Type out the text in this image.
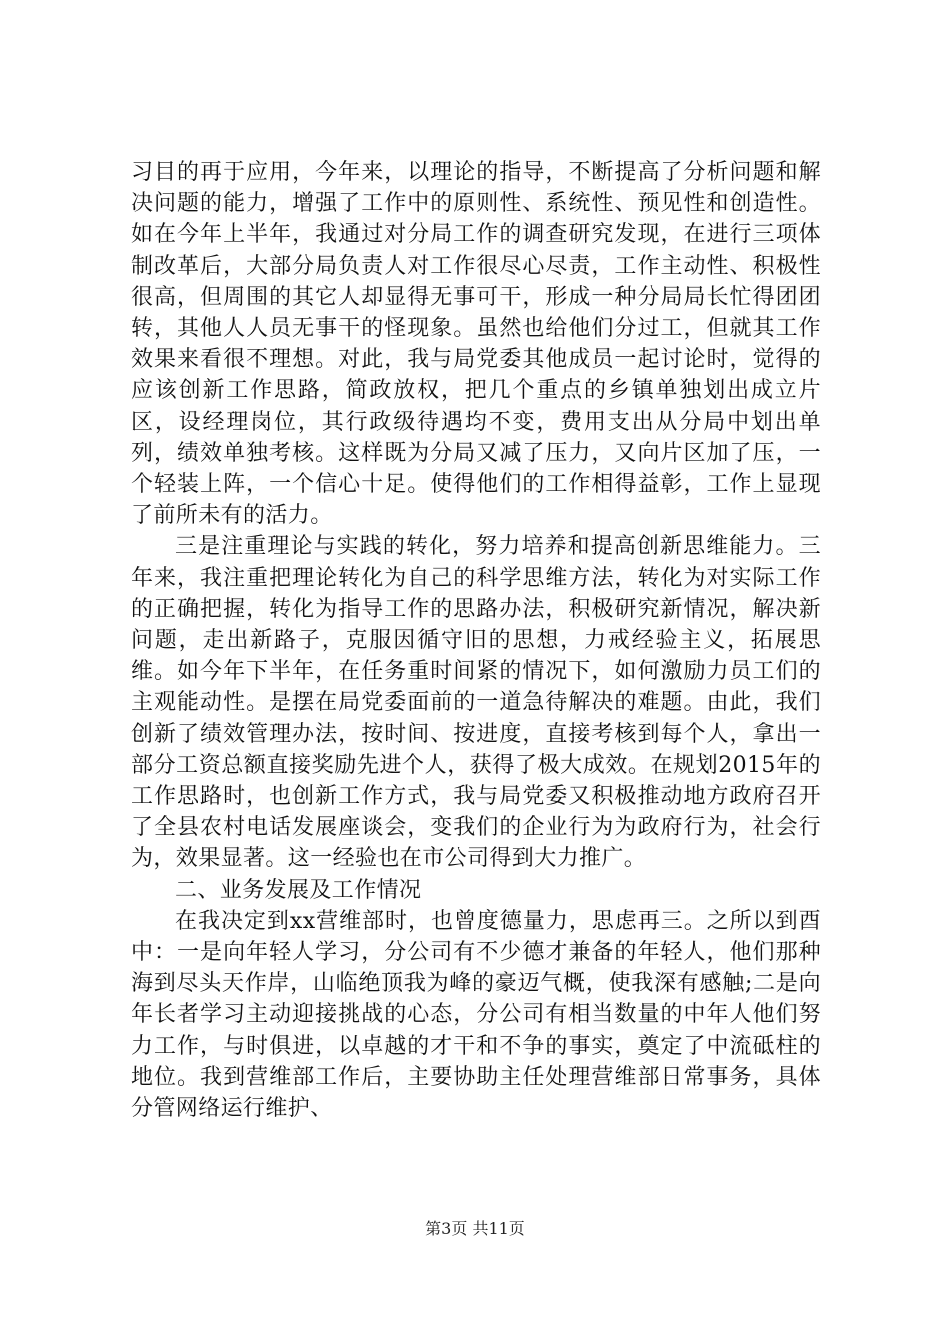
习目的再于应用，今年来，以理论的指导，不断提高了分析问题和解决问题的能力，增强了工作中的原则性、系统性、预见性和创造性。如在今年上半年，我通过对分局工作的调查研究发现，在进行三项体制改革后，大部分局负责人对工作很尽心尽责，工作主动性、积极性很高，但周围的其它人却显得无事可干，形成一种分局局长忙得团团转，其他人人员无事干的怪现象。虽然也给他们分过工，但就其工作效果来看很不理想。对此，我与局党委其他成员一起讨论时，觉得的应该创新工作思路，简政放权，把几个重点的乡镇单独划出成立片区，设经理岗位，其行政级待遇均不变，费用支出从分局中划出单列，绩效单独考核。这样既为分局又减了压力，又向片区加了压，一个轻装上阵，一个信心十足。使得他们的工作相得益彰，工作上显现了前所未有的活力。

三是注重理论与实践的转化，努力培养和提高创新思维能力。三年来，我注重把理论转化为自己的科学思维方法，转化为对实际工作的正确把握，转化为指导工作的思路办法，积极研究新情况，解决新问题，走出新路子，克服因循守旧的思想，力戒经验主义，拓展思维。如今年下半年，在任务重时间紧的情况下，如何激励力员工们的主观能动性。是摆在局党委面前的一道急待解决的难题。由此，我们创新了绩效管理办法，按时间、按进度，直接考核到每个人，拿出一部分工资总额直接奖励先进个人，获得了极大成效。在规划2015年的工作思路时，也创新工作方式，我与局党委又积极推动地方政府召开了全县农村电话发展座谈会，变我们的企业行为为政府行为，社会行为，效果显著。这一经验也在市公司得到大力推广。

二、业务发展及工作情况

在我决定到xx营维部时，也曾度德量力，思虑再三。之所以到酉中：一是向年轻人学习，分公司有不少德才兼备的年轻人，他们那种海到尽头天作岸，山临绝顶我为峰的豪迈气概，使我深有感触;二是向年长者学习主动迎接挑战的心态，分公司有相当数量的中年人他们努力工作，与时俱进，以卓越的才干和不争的事实，奠定了中流砥柱的地位。我到营维部工作后，主要协助主任处理营维部日常事务，具体分管网络运行维护、

第3页 共11页
